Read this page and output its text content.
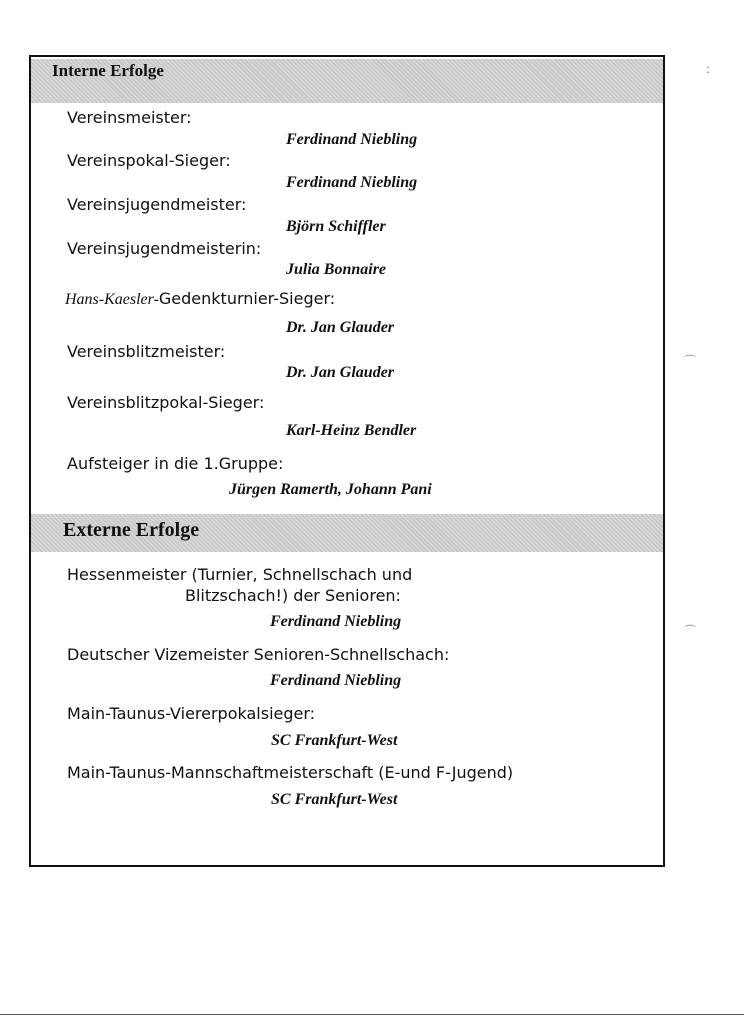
Interne Erfolge
Vereinsmeister:
Ferdinand Niebling
Vereinspokal-Sieger:
Ferdinand Niebling
Vereinsjugendmeister:
Björn Schiffler
Vereinsjugendmeisterin:
Julia Bonnaire
Hans-Kaesler-Gedenkturnier-Sieger:
Dr. Jan Glauder
Vereinsblitzmeister:
Dr. Jan Glauder
Vereinsblitzpokal-Sieger:
Karl-Heinz Bendler
Aufsteiger in die 1.Gruppe:
Jürgen Ramerth, Johann Pani
Externe Erfolge
Hessenmeister (Turnier, Schnellschach und
Blitzschach!) der Senioren:
Ferdinand Niebling
Deutscher Vizemeister Senioren-Schnellschach:
Ferdinand Niebling
Main-Taunus-Viererpokalsieger:
SC Frankfurt-West
Main-Taunus-Mannschaftmeisterschaft (E-und F-Jugend)
SC Frankfurt-West
:
⌒
⌒
